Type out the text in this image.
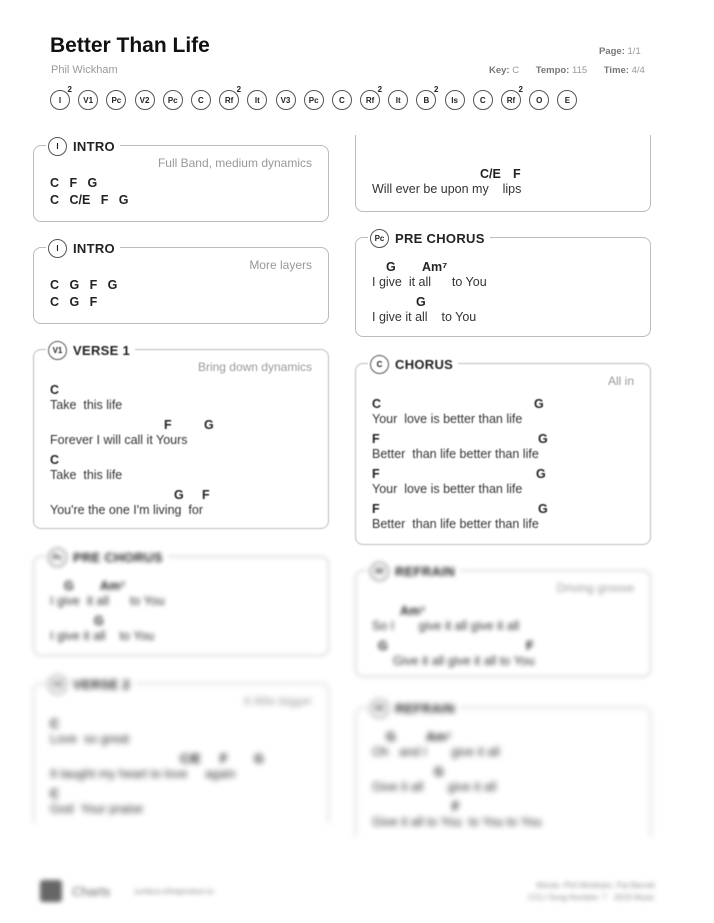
Better Than Life
Phil Wickham
Page: 1/1
Key: C Tempo: 115 Time: 4/4
I
2
V1 Pc V2 Pc	C	Rf
2
It	V3 Pc	C	Rf
2
It	B
2
Is	C	Rf
2
O	E
I	INTRO
Full Band, medium dynamics
C   F   G
C   C/E   F   G
I	INTRO
More layers
C   G   F   G
C   G   F
V1 VERSE 1
Bring down dynamics
C
Take  this life
F	G
Forever I will call it Yours
C
Take  this life
G F
You're the one I'm living  for
Pc PRE CHORUS
G Am⁷
I give  it all      to You
G
I give it all    to You
V2 VERSE 2
A little bigger
C
Love  so great
C/E F G
It taught my heart to love     again
C
God  Your praise
C/E F
Will ever be upon my    lips
Pc PRE CHORUS
G Am⁷
I give  it all      to You
G
I give it all    to You
C CHORUS
All in
C	G
Your  love is better than life
F	G
Better  than life better than life
F	G
Your  love is better than life
F	G
Better  than life better than life
Rf REFRAIN
Driving groove
Am⁷
So I       give it all give it all
G	F
Give it all give it all to You
Rf REFRAIN
G Am⁷
Oh   and I       give it all
G
Give it all       give it all
F
Give it all to You  to You to You
Charts	surface.infraproduct.io
Words: Phil Wickham, Pat Barrett
CCLI Song Number: 7 · 2019 Music
